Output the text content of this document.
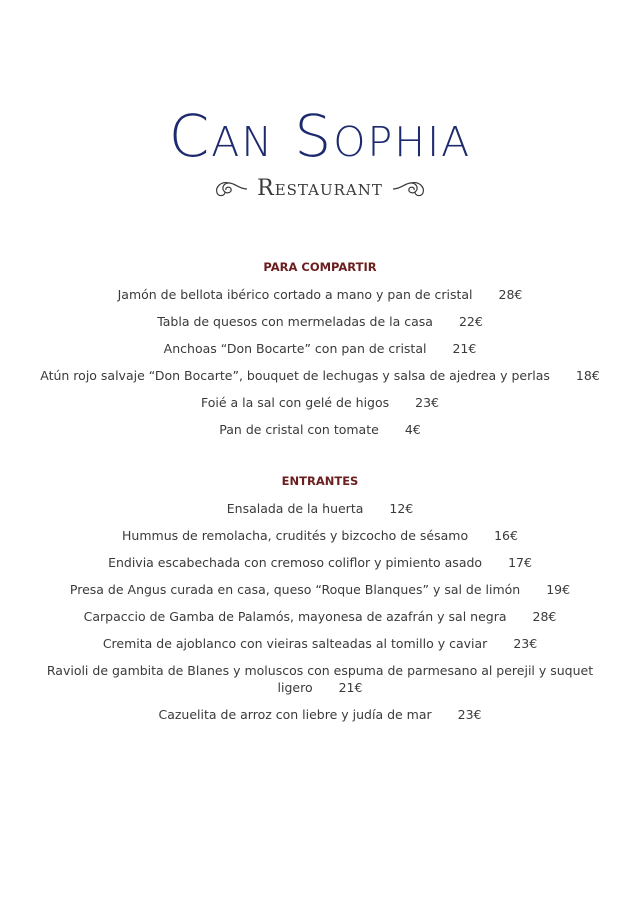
Can Sophia
Restaurant
PARA COMPARTIR
Jamón de bellota ibérico cortado a mano y pan de cristal 28€
Tabla de quesos con mermeladas de la casa 22€
Anchoas “Don Bocarte” con pan de cristal 21€
Atún rojo salvaje “Don Bocarte”, bouquet de lechugas y salsa de ajedrea y perlas 18€
Foié a la sal con gelé de higos 23€
Pan de cristal con tomate 4€
ENTRANTES
Ensalada de la huerta 12€
Hummus de remolacha, crudités y bizcocho de sésamo 16€
Endivia escabechada con cremoso coliflor y pimiento asado 17€
Presa de Angus curada en casa, queso “Roque Blanques” y sal de limón 19€
Carpaccio de Gamba de Palamós, mayonesa de azafrán y sal negra 28€
Cremita de ajoblanco con vieiras salteadas al tomillo y caviar 23€
Ravioli de gambita de Blanes y moluscos con espuma de parmesano al perejil y suquet ligero 21€
Cazuelita de arroz con liebre y judía de mar 23€
